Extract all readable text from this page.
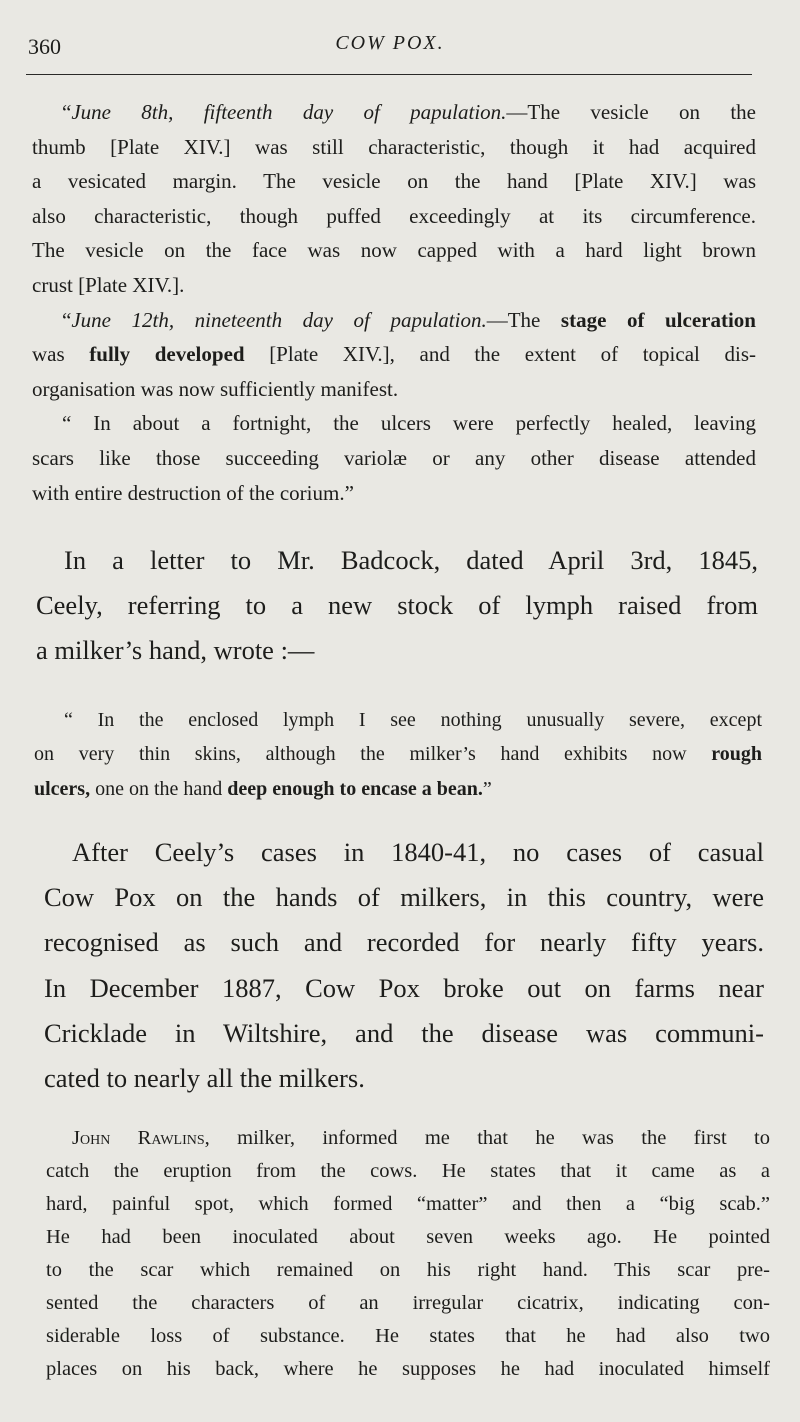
360	COW POX.
“June 8th, fifteenth day of papulation.—The vesicle on the
thumb [Plate XIV.] was still characteristic, though it had acquired
a vesicated margin. The vesicle on the hand [Plate XIV.] was
also characteristic, though puffed exceedingly at its circumference.
The vesicle on the face was now capped with a hard light brown
crust [Plate XIV.].
“June 12th, nineteenth day of papulation.—The stage of ulceration
was fully developed [Plate XIV.], and the extent of topical dis-
organisation was now sufficiently manifest.
“ In about a fortnight, the ulcers were perfectly healed, leaving
scars like those succeeding variolæ or any other disease attended
with entire destruction of the corium.”
In a letter to Mr. Badcock, dated April 3rd, 1845,
Ceely, referring to a new stock of lymph raised from
a milker’s hand, wrote :—
“ In the enclosed lymph I see nothing unusually severe, except
on very thin skins, although the milker’s hand exhibits now rough
ulcers, one on the hand deep enough to encase a bean.”
After Ceely’s cases in 1840-41, no cases of casual
Cow Pox on the hands of milkers, in this country, were
recognised as such and recorded for nearly fifty years.
In December 1887, Cow Pox broke out on farms near
Cricklade in Wiltshire, and the disease was communi-
cated to nearly all the milkers.
John Rawlins, milker, informed me that he was the first to
catch the eruption from the cows. He states that it came as a
hard, painful spot, which formed “matter” and then a “big scab.”
He had been inoculated about seven weeks ago. He pointed
to the scar which remained on his right hand. This scar pre-
sented the characters of an irregular cicatrix, indicating con-
siderable loss of substance. He states that he had also two
places on his back, where he supposes he had inoculated himself
